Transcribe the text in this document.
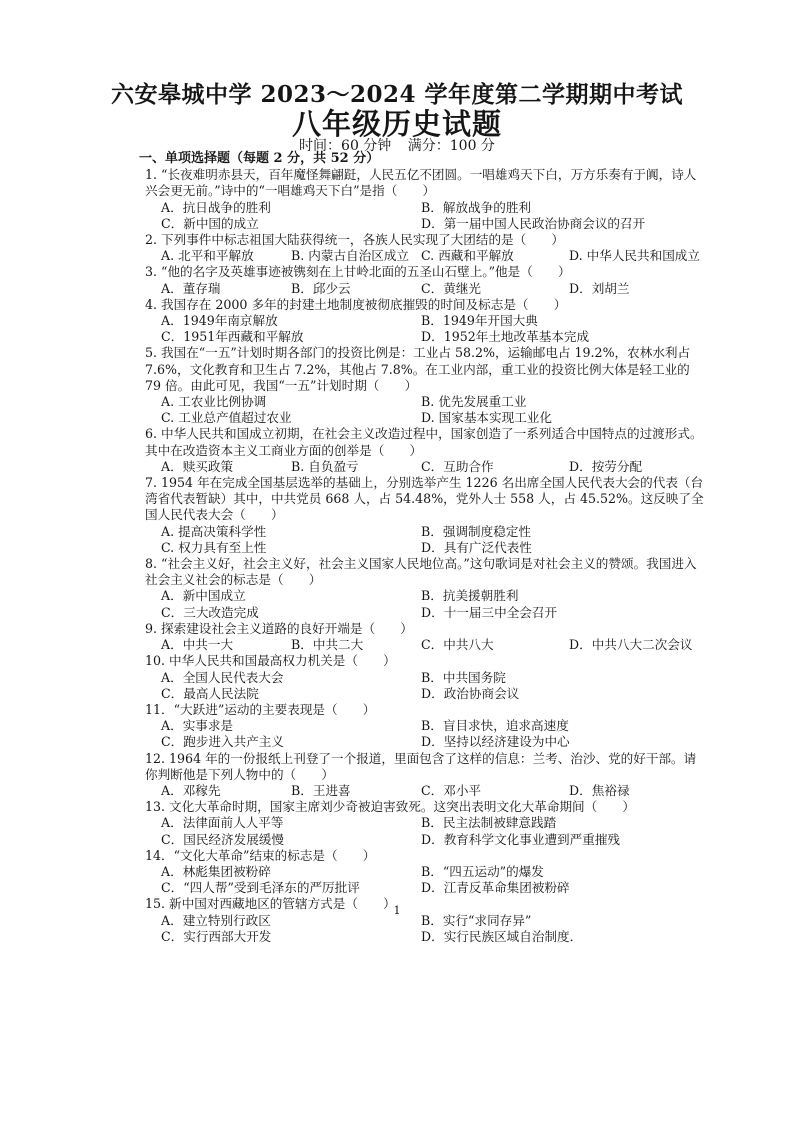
六安皋城中学 2023～2024 学年度第二学期期中考试
八年级历史试题
时间：60 分钟 满分：100 分
一、单项选择题（每题 2 分，共 52 分）
1. “长夜难明赤县天，百年魔怪舞翩跹，人民五亿不团圆。一唱雄鸡天下白，万方乐奏有于阗，诗人兴会更无前。”诗中的“一唱雄鸡天下白”是指（　　）
A．抗日战争的胜利	B．解放战争的胜利
C．新中国的成立	D．第一届中国人民政治协商会议的召开
2. 下列事件中标志祖国大陆获得统一，各族人民实现了大团结的是（　　）
A. 北平和平解放	B. 内蒙古自治区成立 C. 西藏和平解放	D. 中华人民共和国成立
3. “他的名字及英雄事迹被镌刻在上甘岭北面的五圣山石壁上。”他是（　　）
A．董存瑞	B．邱少云	C．黄继光	D．刘胡兰
4. 我国存在 2000 多年的封建土地制度被彻底摧毁的时间及标志是（　　）
A．1949年南京解放	B．1949年开国大典
C．1951年西藏和平解放	D．1952年土地改革基本完成
5. 我国在“一五”计划时期各部门的投资比例是：工业占 58.2%，运输邮电占 19.2%，农林水利占 7.6%，文化教育和卫生占 7.2%，其他占 7.8%。在工业内部，重工业的投资比例大体是轻工业的 79 倍。由此可见，我国“一五”计划时期（　　）
A. 工农业比例协调	B. 优先发展重工业
C. 工业总产值超过农业	D. 国家基本实现工业化
6. 中华人民共和国成立初期，在社会主义改造过程中，国家创造了一系列适合中国特点的过渡形式。其中在改造资本主义工商业方面的创举是（　　）
A．赎买政策	B. 自负盈亏	C．互助合作	D．按劳分配
7. 1954 年在完成全国基层选举的基础上，分别选举产生 1226 名出席全国人民代表大会的代表（台湾省代表暂缺）其中，中共党员 668 人，占 54.48%，党外人士 558 人，占 45.52%。这反映了全国人民代表大会（　　）
A. 提高决策科学性	B．强调制度稳定性
C. 权力具有至上性	D．具有广泛代表性
8. “社会主义好，社会主义好，社会主义国家人民地位高。”这句歌词是对社会主义的赞颂。我国进入社会主义社会的标志是（　　）
A．新中国成立	B．抗美援朝胜利
C．三大改造完成	D．十一届三中全会召开
9. 探索建设社会主义道路的良好开端是（　　）
A．中共一大	B．中共二大	C．中共八大	D．中共八大二次会议
10. 中华人民共和国最高权力机关是（　　）
A．全国人民代表大会	B．中共国务院
C．最高人民法院	D．政治协商会议
11．“大跃进”运动的主要表现是（　　）
A．实事求是	B．盲目求快，追求高速度
C．跑步进入共产主义	D．坚持以经济建设为中心
12. 1964 年的一份报纸上刊登了一个报道，里面包含了这样的信息：兰考、治沙、党的好干部。请你判断他是下列人物中的（　　）
A．邓稼先	B．王进喜	C．邓小平	D．焦裕禄
13. 文化大革命时期，国家主席刘少奇被迫害致死。这突出表明文化大革命期间（　　）
A．法律面前人人平等	B．民主法制被肆意践踏
C．国民经济发展缓慢	D．教育科学文化事业遭到严重摧残
14．“文化大革命”结束的标志是（　　）
A．林彪集团被粉碎	B．“四五运动”的爆发
C．“四人帮”受到毛泽东的严厉批评	D．江青反革命集团被粉碎
15. 新中国对西藏地区的管辖方式是（　　）
A．建立特别行政区	B．实行“求同存异”
C．实行西部大开发	D．实行民族区域自治制度．
1
